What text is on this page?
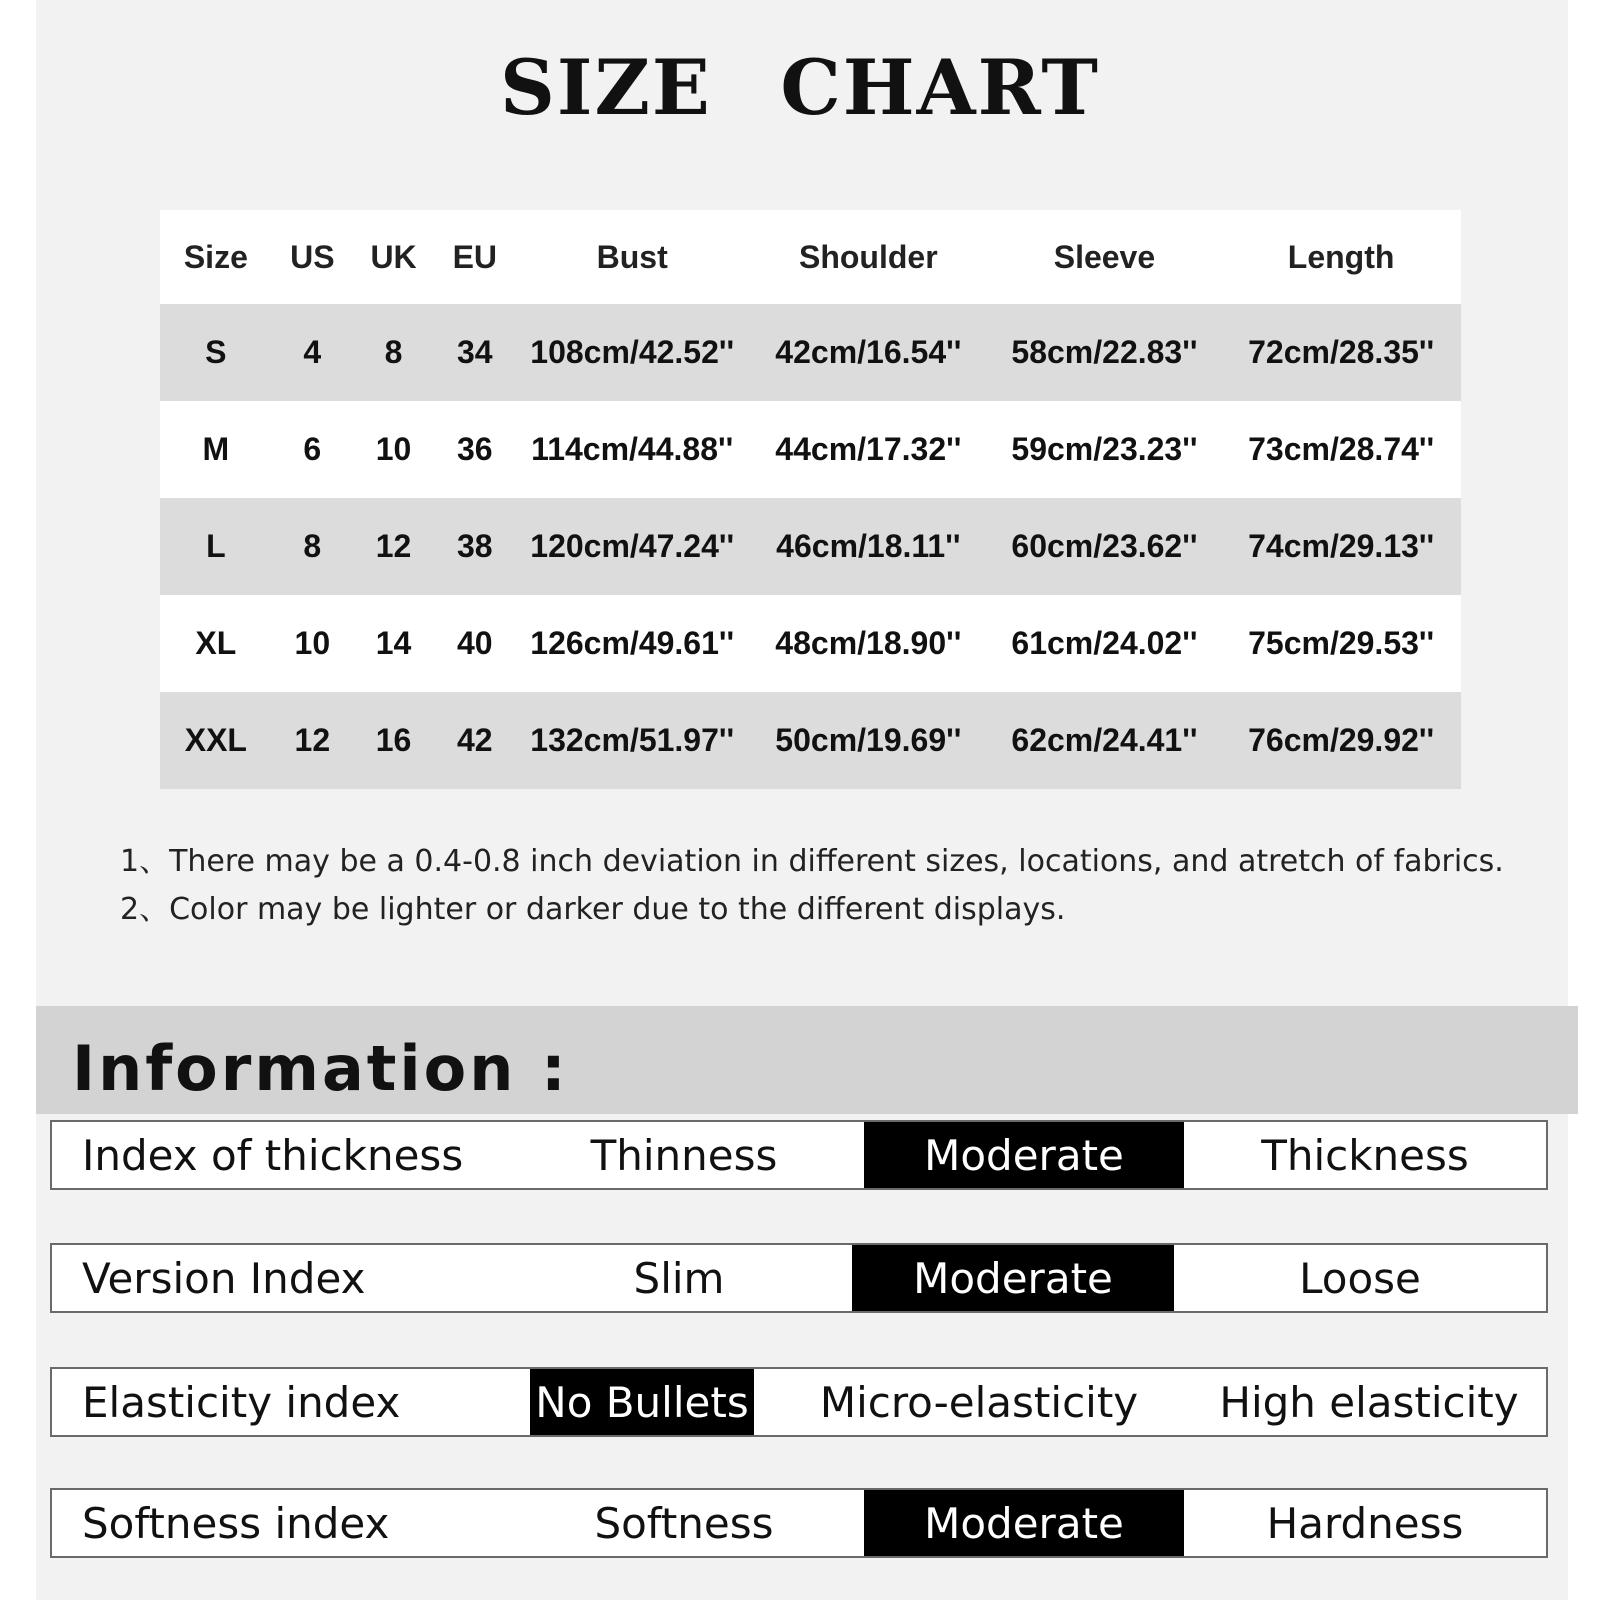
SIZE CHART
Size	US	UK	EU	Bust	Shoulder	Sleeve	Length
S	4	8	34	108cm/42.52''	42cm/16.54''	58cm/22.83''	72cm/28.35''
M	6	10	36	114cm/44.88''	44cm/17.32''	59cm/23.23''	73cm/28.74''
L	8	12	38	120cm/47.24''	46cm/18.11''	60cm/23.62''	74cm/29.13''
XL	10	14	40	126cm/49.61''	48cm/18.90''	61cm/24.02''	75cm/29.53''
XXL	12	16	42	132cm/51.97''	50cm/19.69''	62cm/24.41''	76cm/29.92''
1、There may be a 0.4-0.8 inch deviation in different sizes, locations, and atretch of fabrics.
2、Color may be lighter or darker due to the different displays.
Information :
Index of thickness	Thinness	Moderate	Thickness
Version Index	Slim	Moderate	Loose
Elasticity index	No Bullets	Micro-elasticity	High elasticity
Softness index	Softness	Moderate	Hardness
